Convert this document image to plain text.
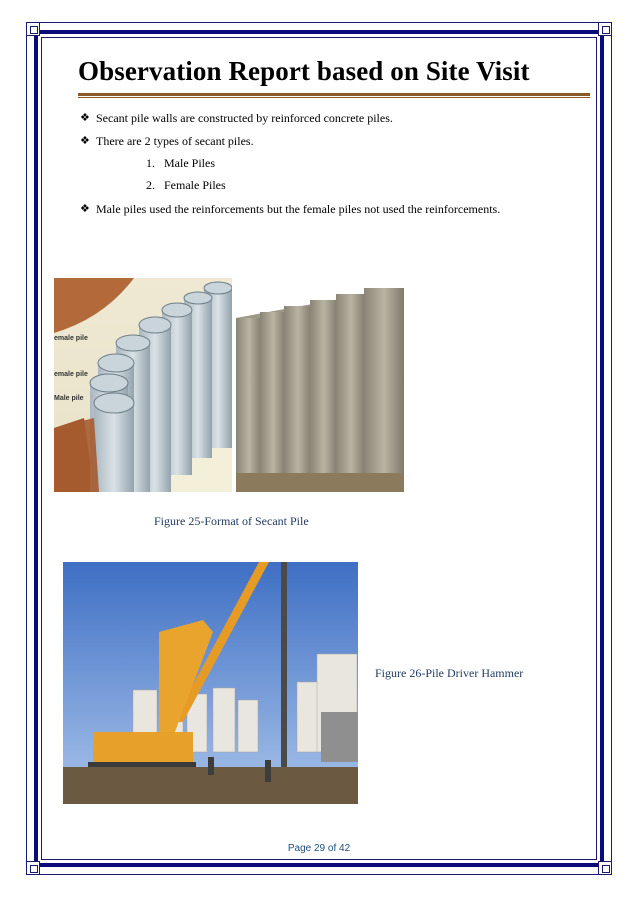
Observation Report based on Site Visit
❖ Secant pile walls are constructed by reinforced concrete piles.
❖ There are 2 types of secant piles.
1. Male Piles
2. Female Piles
❖ Male piles used the reinforcements but the female piles not used the reinforcements.
emale pile
emale pile
Male pile
Figure 25-Format of Secant Pile
Figure 26-Pile Driver Hammer
Page 29 of 42
